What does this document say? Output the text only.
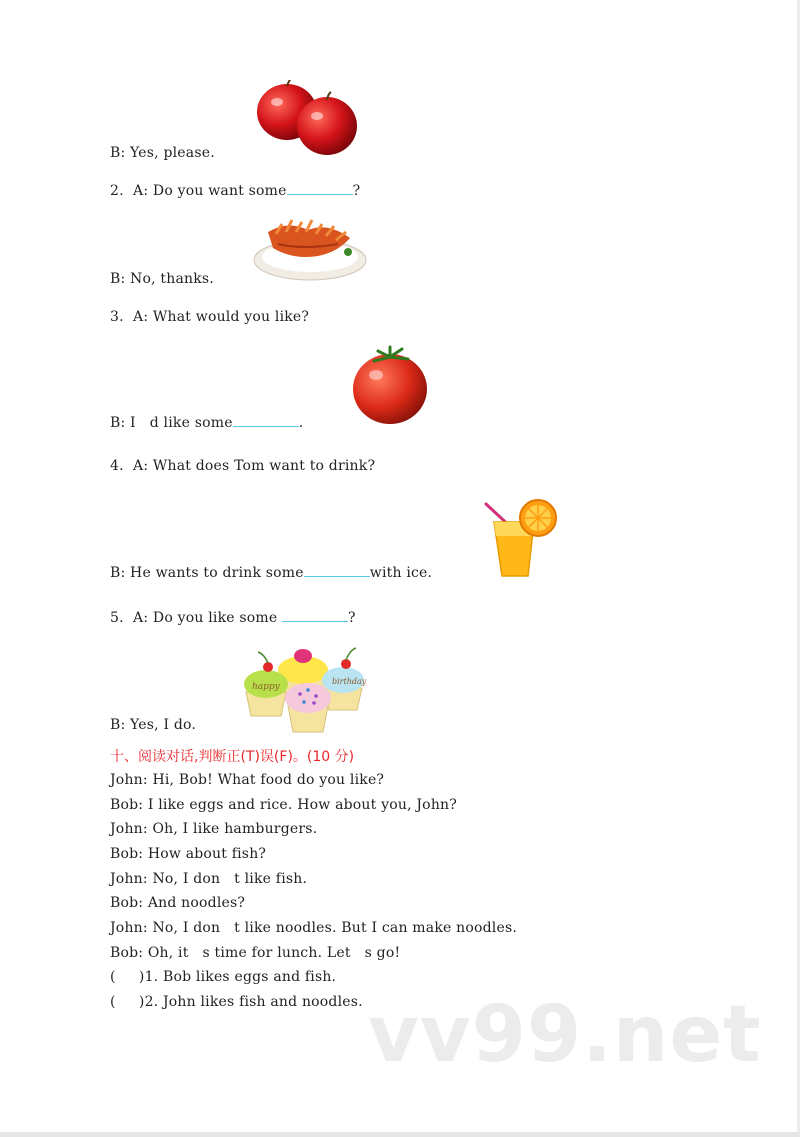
B: Yes, please.
2.  A: Do you want some	?
B: No, thanks.
3.  A: What would you like?
B: I   d like some	.
4.  A: What does Tom want to drink?
B: He wants to drink some	with ice.
5.  A: Do you like some	?
birthday
happy
B: Yes, I do.
十、阅读对话,判断正(T)误(F)。(10 分)
John: Hi, Bob! What food do you like?
Bob: I like eggs and rice. How about you, John?
John: Oh, I like hamburgers.
Bob: How about fish?
John: No, I don   t like fish.
Bob: And noodles?
John: No, I don   t like noodles. But I can make noodles.
Bob: Oh, it   s time for lunch. Let   s go!
(     )1. Bob likes eggs and fish.
(     )2. John likes fish and noodles. vv99.net
